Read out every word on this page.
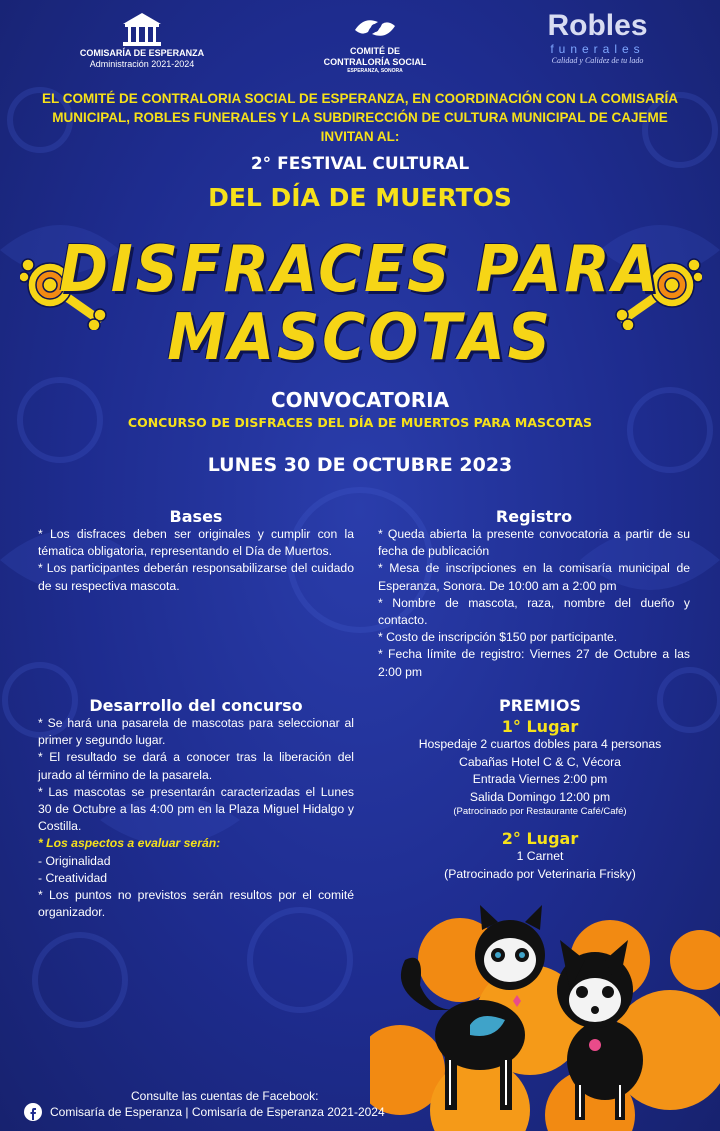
COMISARÍA DE ESPERANZA
Administración 2021-2024
COMITÉ DE
CONTRALORÍA SOCIAL
ESPERANZA, SONORA
Robles
funerales
Calidad y Calidez de tu lado
EL COMITÉ DE CONTRALORIA SOCIAL DE ESPERANZA, EN COORDINACIÓN CON LA COMISARÍA
MUNICIPAL, ROBLES FUNERALES Y LA SUBDIRECCIÓN DE CULTURA MUNICIPAL DE CAJEME
INVITAN AL:
2° FESTIVAL CULTURAL
DEL DÍA DE MUERTOS
DISFRACES PARA
MASCOTAS
CONVOCATORIA
CONCURSO DE DISFRACES DEL DÍA DE MUERTOS PARA MASCOTAS
LUNES 30 DE OCTUBRE 2023
Bases
* Los disfraces deben ser originales y cumplir con la tématica obligatoria, representando el Día de Muertos.
* Los participantes deberán responsabilizarse del cuidado de su respectiva mascota.
Registro
* Queda abierta la presente convocatoria a partir de su fecha de publicación
* Mesa de inscripciones en la comisaría municipal de Esperanza, Sonora. De 10:00 am a 2:00 pm
* Nombre de mascota, raza, nombre del dueño y contacto.
* Costo de inscripción $150 por participante.
* Fecha límite de registro: Viernes 27 de Octubre a las 2:00 pm
Desarrollo del concurso
* Se hará una pasarela de mascotas para seleccionar al primer y segundo lugar.
* El resultado se dará a conocer tras la liberación del jurado al término de la pasarela.
* Las mascotas se presentarán caracterizadas el Lunes 30 de Octubre a las 4:00 pm en la Plaza Miguel Hidalgo y Costilla.
* Los aspectos a evaluar serán:
- Originalidad
- Creatividad
* Los puntos no previstos serán resultos por el comité organizador.
PREMIOS
1° Lugar
Hospedaje 2 cuartos dobles para 4 personas
Cabañas Hotel C & C, Vécora
Entrada Viernes 2:00 pm
Salida Domingo 12:00 pm
(Patrocinado por Restaurante Café/Café)
2° Lugar
1 Carnet
(Patrocinado por Veterinaria Frisky)
Consulte las cuentas de Facebook:
Comisaría de Esperanza | Comisaría de Esperanza 2021-2024
